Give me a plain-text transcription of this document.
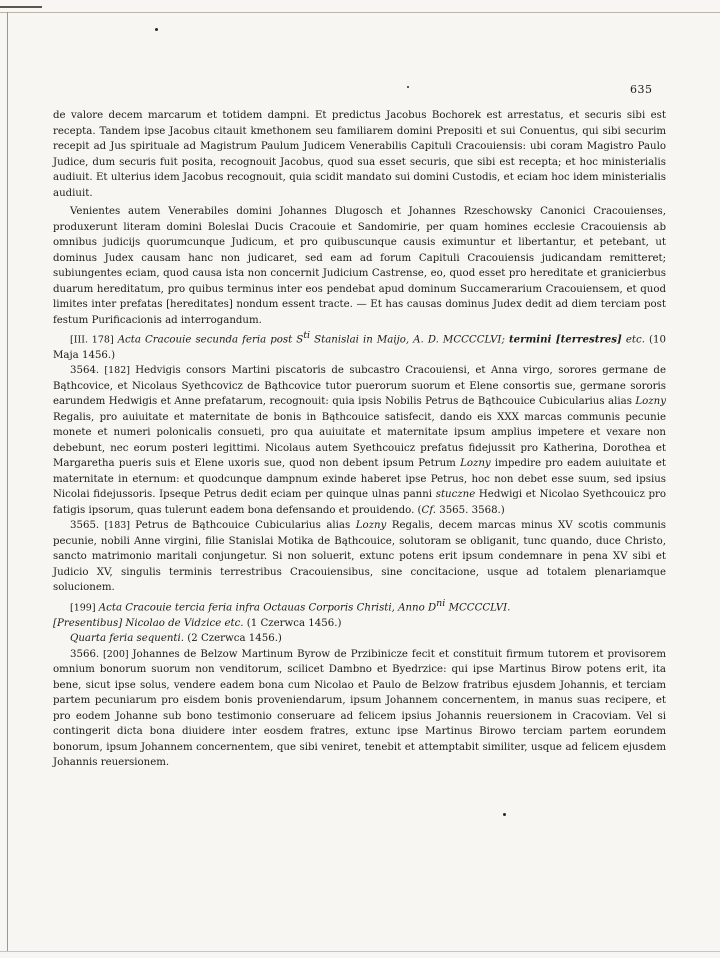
635

de valore decem marcarum et totidem dampni. Et predictus Jacobus Bochorek est arrestatus, et securis sibi est recepta. Tandem ipse Jacobus citauit kmethonem seu familiarem domini Prepositi et sui Conuentus, qui sibi securim recepit ad Jus spirituale ad Magistrum Paulum Judicem Venerabilis Capituli Cracouiensis: ubi coram Magistro Paulo Judice, dum securis fuit posita, recognouit Jacobus, quod sua esset securis, que sibi est recepta; et hoc ministerialis audiuit. Et ulterius idem Jacobus recognouit, quia scidit mandato sui domini Custodis, et eciam hoc idem ministerialis audiuit.

Venientes autem Venerabiles domini Johannes Dlugosch et Johannes Rzeschowsky Canonici Cracouienses, produxerunt literam domini Boleslai Ducis Cracouie et Sandomirie, per quam homines ecclesie Cracouiensis ab omnibus judicijs quorumcunque Judicum, et pro quibuscunque causis eximuntur et libertantur, et petebant, ut dominus Judex causam hanc non judicaret, sed eam ad forum Capituli Cracouiensis judicandam remitteret; subiungentes eciam, quod causa ista non concernit Judicium Castrense, eo, quod esset pro hereditate et granicierbus duarum hereditatum, pro quibus terminus inter eos pendebat apud dominum Succamerarium Cracouiensem, et quod limites inter prefatas [hereditates] nondum essent tracte. — Et has causas dominus Judex dedit ad diem terciam post festum Purificacionis ad interrogandum.

[III. 178] Acta Cracouie secunda feria post $S^{ti}$ Stanislai in Maijo, A. D. MCCCCLVI; termini [terrestres] etc. (10 Maja 1456.)

3564. [182] Hedvigis consors Martini piscatoris de subcastro Cracouiensi, et Anna virgo, sorores germane de Bąthcovice, et Nicolaus Syethcovicz de Bąthcovice tutor puerorum suorum et Elene consortis sue, germane sororis earundem Hedwigis et Anne prefatarum, recognouit: quia ipsis Nobilis Petrus de Bąthcouice Cubicularius alias Lozny Regalis, pro auiuitate et maternitate de bonis in Bąthcouice satisfecit, dando eis XXX marcas communis pecunie monete et numeri polonicalis consueti, pro qua auiuitate et maternitate ipsum amplius impetere et vexare non debebunt, nec eorum posteri legittimi. Nicolaus autem Syethcouicz prefatus fidejussit pro Katherina, Dorothea et Margaretha pueris suis et Elene uxoris sue, quod non debent ipsum Petrum Lozny impedire pro eadem auiuitate et maternitate in eternum: et quodcunque dampnum exinde haberet ipse Petrus, hoc non debet esse suum, sed ipsius Nicolai fidejussoris. Ipseque Petrus dedit eciam per quinque ulnas panni stuczne Hedwigi et Nicolao Syethcouicz pro fatigis ipsorum, quas tulerunt eadem bona defensando et prouidendo. (Cf. 3565. 3568.)

3565. [183] Petrus de Bąthcouice Cubicularius alias Lozny Regalis, decem marcas minus XV scotis communis pecunie, nobili Anne virgini, filie Stanislai Motika de Bąthcouice, solutoram se obliganit, tunc quando, duce Christo, sancto matrimonio maritali conjungetur. Si non soluerit, extunc potens erit ipsum condemnare in pena XV sibi et Judicio XV, singulis terminis terrestribus Cracouiensibus, sine concitacione, usque ad totalem plenariamque solucionem.

[199] Acta Cracouie tercia feria infra Octauas Corporis Christi, Anno $D^{ni}$ MCCCCLVI.
[Presentibus] Nicolao de Vidzice etc. (1 Czerwca 1456.)

Quarta feria sequenti. (2 Czerwca 1456.)

3566. [200] Johannes de Belzow Martinum Byrow de Przibinicze fecit et constituit firmum tutorem et provisorem omnium bonorum suorum non venditorum, scilicet Dambno et Byedrzice: qui ipse Martinus Birow potens erit, ita bene, sicut ipse solus, vendere eadem bona cum Nicolao et Paulo de Belzow fratribus ejusdem Johannis, et terciam partem pecuniarum pro eisdem bonis proveniendarum, ipsum Johannem concernentem, in manus suas recipere, et pro eodem Johanne sub bono testimonio conseruare ad felicem ipsius Johannis reuersionem in Cracoviam. Vel si contingerit dicta bona diuidere inter eosdem fratres, extunc ipse Martinus Birowo terciam partem eorundem bonorum, ipsum Johannem concernentem, que sibi veniret, tenebit et attemptabit similiter, usque ad felicem ejusdem Johannis reuersionem.
